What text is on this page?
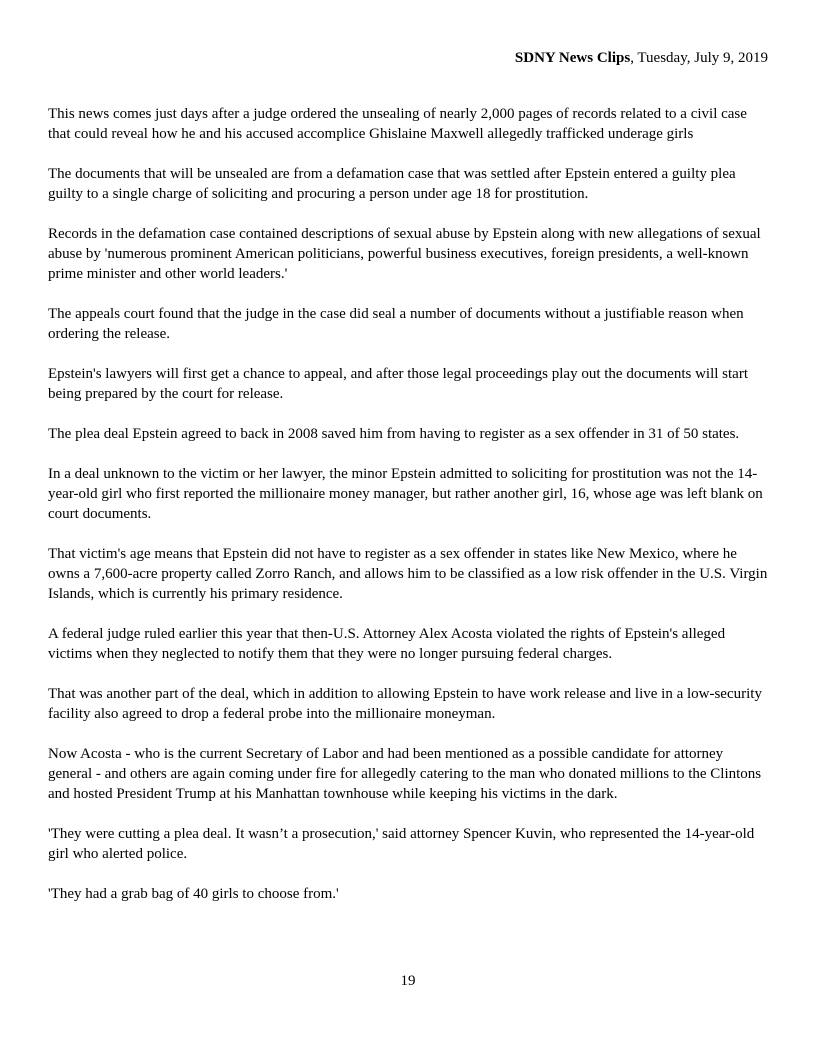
SDNY News Clips, Tuesday, July 9, 2019

This news comes just days after a judge ordered the unsealing of nearly 2,000 pages of records related to a civil case that could reveal how he and his accused accomplice Ghislaine Maxwell allegedly trafficked underage girls

The documents that will be unsealed are from a defamation case that was settled after Epstein entered a guilty plea guilty to a single charge of soliciting and procuring a person under age 18 for prostitution.

Records in the defamation case contained descriptions of sexual abuse by Epstein along with new allegations of sexual abuse by 'numerous prominent American politicians, powerful business executives, foreign presidents, a well-known prime minister and other world leaders.'

The appeals court found that the judge in the case did seal a number of documents without a justifiable reason when ordering the release.

Epstein's lawyers will first get a chance to appeal, and after those legal proceedings play out the documents will start being prepared by the court for release.

The plea deal Epstein agreed to back in 2008 saved him from having to register as a sex offender in 31 of 50 states.

In a deal unknown to the victim or her lawyer, the minor Epstein admitted to soliciting for prostitution was not the 14-year-old girl who first reported the millionaire money manager, but rather another girl, 16, whose age was left blank on court documents.

That victim's age means that Epstein did not have to register as a sex offender in states like New Mexico, where he owns a 7,600-acre property called Zorro Ranch, and allows him to be classified as a low risk offender in the U.S. Virgin Islands, which is currently his primary residence.

A federal judge ruled earlier this year that then-U.S. Attorney Alex Acosta violated the rights of Epstein's alleged victims when they neglected to notify them that they were no longer pursuing federal charges.

That was another part of the deal, which in addition to allowing Epstein to have work release and live in a low-security facility also agreed to drop a federal probe into the millionaire moneyman.

Now Acosta - who is the current Secretary of Labor and had been mentioned as a possible candidate for attorney general - and others are again coming under fire for allegedly catering to the man who donated millions to the Clintons and hosted President Trump at his Manhattan townhouse while keeping his victims in the dark.

'They were cutting a plea deal. It wasn’t a prosecution,' said attorney Spencer Kuvin, who represented the 14-year-old girl who alerted police.

'They had a grab bag of 40 girls to choose from.'

19
